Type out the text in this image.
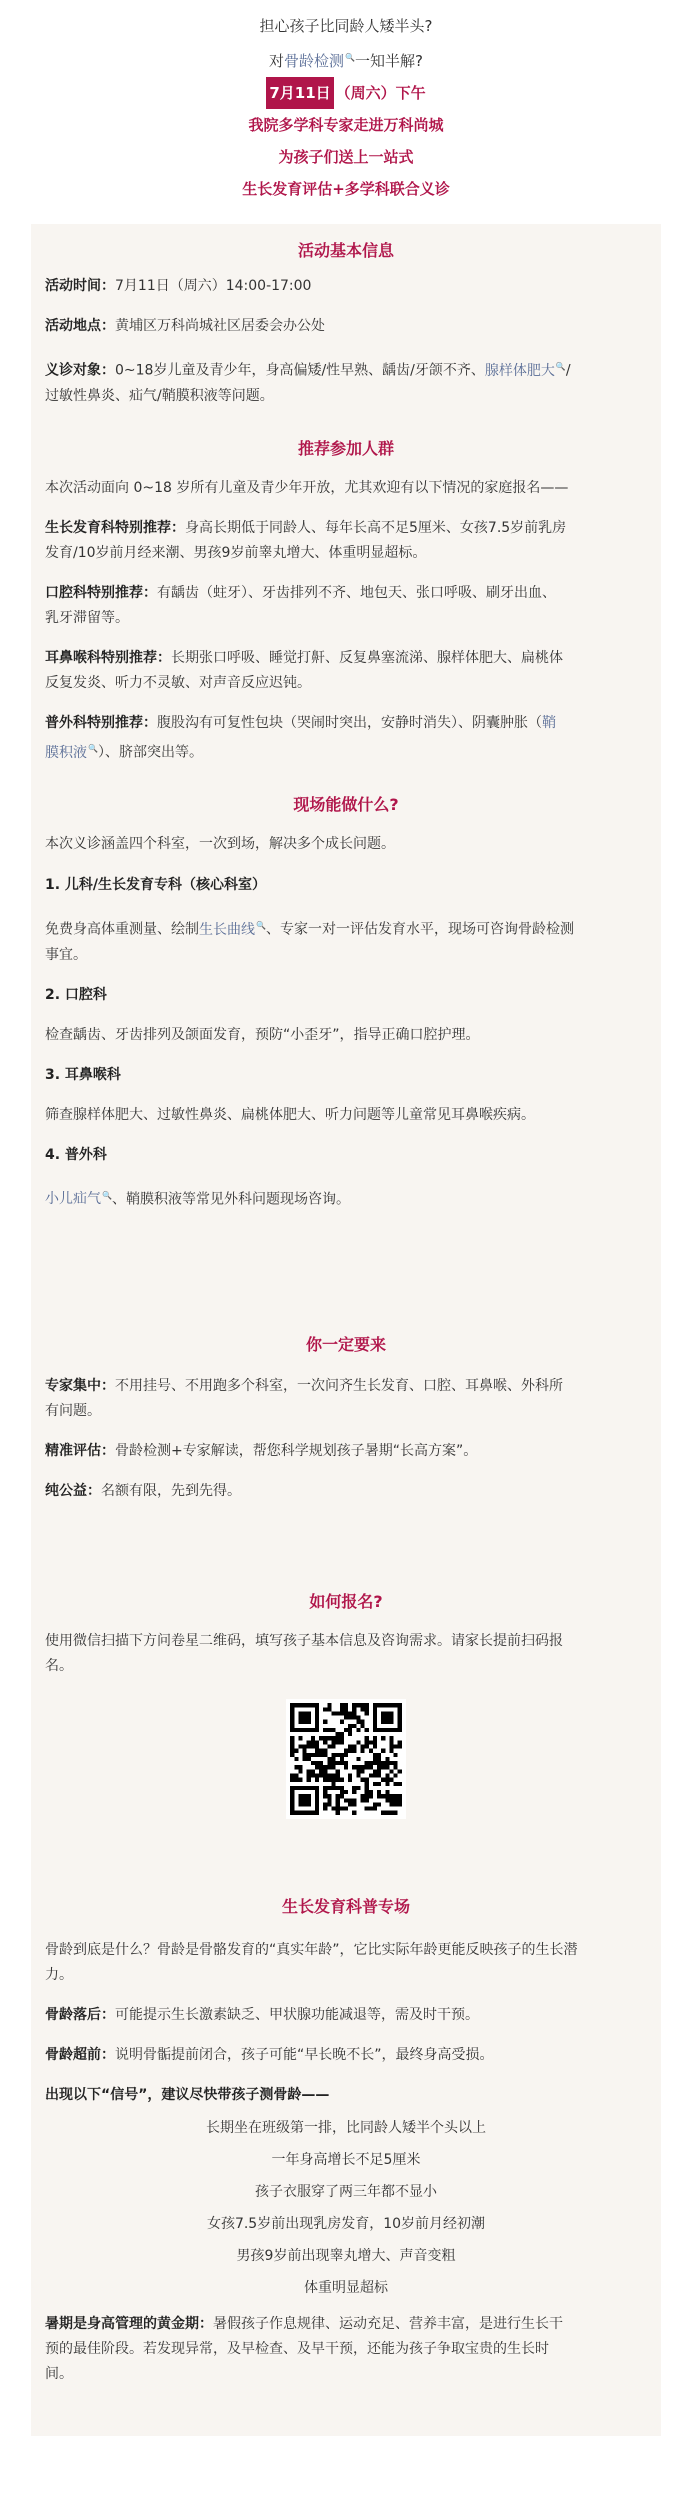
担心孩子比同龄人矮半头?
对骨龄检测 🔍 一知半解?
7月11日 （周六）下午
我院多学科专家走进万科尚城
为孩子们送上一站式
生长发育评估+多学科联合义诊
活动基本信息

活动时间：7月11日（周六）14:00-17:00

活动地点：黄埔区万科尚城社区居委会办公处

义诊对象：0~18岁儿童及青少年，身高偏矮/性早熟、龋齿/牙颌不齐、腺样体肥大 🔍 /
过敏性鼻炎、疝气/鞘膜积液等问题。

推荐参加人群

本次活动面向 0~18 岁所有儿童及青少年开放，尤其欢迎有以下情况的家庭报名——

生长发育科特别推荐：身高长期低于同龄人、每年长高不足5厘米、女孩7.5岁前乳房
发育/10岁前月经来潮、男孩9岁前睾丸增大、体重明显超标。

口腔科特别推荐：有龋齿（蛀牙）、牙齿排列不齐、地包天、张口呼吸、刷牙出血、
乳牙滞留等。

耳鼻喉科特别推荐：长期张口呼吸、睡觉打鼾、反复鼻塞流涕、腺样体肥大、扁桃体
反复发炎、听力不灵敏、对声音反应迟钝。

普外科特别推荐：腹股沟有可复性包块（哭闹时突出，安静时消失）、阴囊肿胀（鞘
膜积液 🔍 ）、脐部突出等。

现场能做什么?

本次义诊涵盖四个科室，一次到场，解决多个成长问题。

1. 儿科/生长发育专科（核心科室）

免费身高体重测量、绘制生长曲线 🔍 、专家一对一评估发育水平，现场可咨询骨龄检测
事宜。

2. 口腔科

检查龋齿、牙齿排列及颌面发育，预防“小歪牙”，指导正确口腔护理。

3. 耳鼻喉科

筛查腺样体肥大、过敏性鼻炎、扁桃体肥大、听力问题等儿童常见耳鼻喉疾病。

4. 普外科

小儿疝气 🔍 、鞘膜积液等常见外科问题现场咨询。

你一定要来

专家集中：不用挂号、不用跑多个科室，一次问齐生长发育、口腔、耳鼻喉、外科所
有问题。

精准评估：骨龄检测+专家解读，帮您科学规划孩子暑期“长高方案”。

纯公益：名额有限，先到先得。

如何报名?

使用微信扫描下方问卷星二维码，填写孩子基本信息及咨询需求。请家长提前扫码报
名。

生长发育科普专场

骨龄到底是什么？骨龄是骨骼发育的“真实年龄”，它比实际年龄更能反映孩子的生长潜
力。

骨龄落后：可能提示生长激素缺乏、甲状腺功能减退等，需及时干预。

骨龄超前：说明骨骺提前闭合，孩子可能“早长晚不长”，最终身高受损。

出现以下“信号”，建议尽快带孩子测骨龄——

长期坐在班级第一排，比同龄人矮半个头以上

一年身高增长不足5厘米

孩子衣服穿了两三年都不显小

女孩7.5岁前出现乳房发育，10岁前月经初潮

男孩9岁前出现睾丸增大、声音变粗

体重明显超标

暑期是身高管理的黄金期：暑假孩子作息规律、运动充足、营养丰富，是进行生长干
预的最佳阶段。若发现异常，及早检查、及早干预，还能为孩子争取宝贵的生长时
间。
